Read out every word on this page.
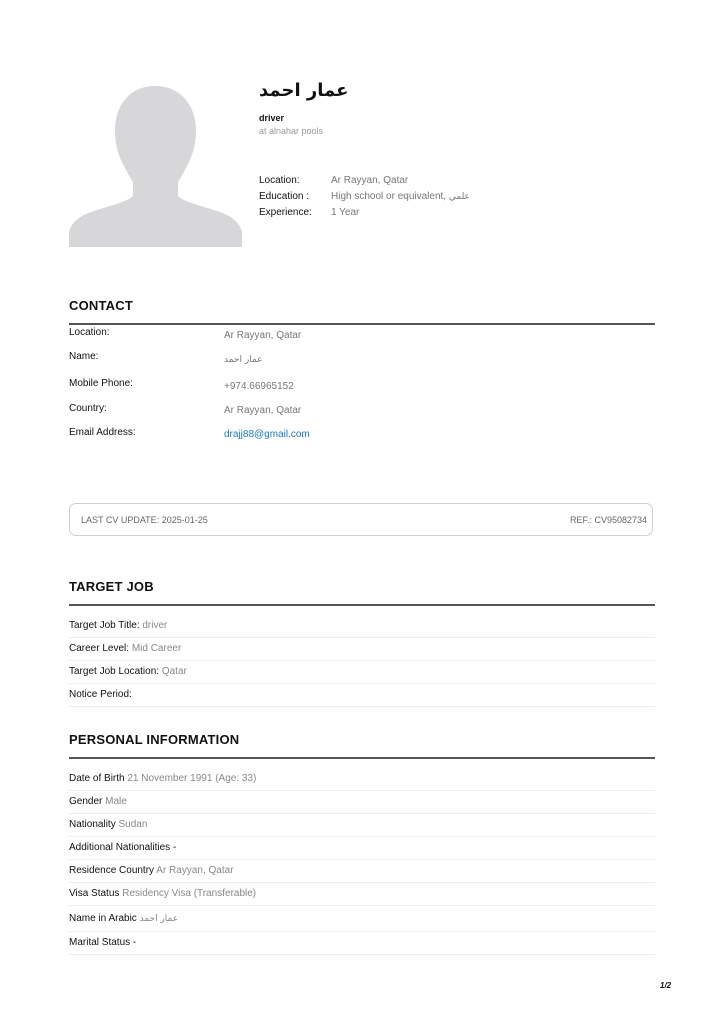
عمار احمد
driver
at alnahar pools
Location:	Ar Rayyan, Qatar
Education :	High school or equivalent, علمي
Experience:	1 Year
CONTACT
Location:	Ar Rayyan, Qatar
Name:	عمار احمد
Mobile Phone:	+974.66965152
Country:	Ar Rayyan, Qatar
Email Address:	drajj88@gmail.com
LAST CV UPDATE: 2025-01-25	REF.: CV95082734
TARGET JOB
Target Job Title: driver
Career Level: Mid Career
Target Job Location: Qatar
Notice Period:
PERSONAL INFORMATION
Date of Birth 21 November 1991 (Age: 33)
Gender Male
Nationality Sudan
Additional Nationalities -
Residence Country Ar Rayyan, Qatar
Visa Status Residency Visa (Transferable)
Name in Arabic عمار احمد
Marital Status -
1/2
